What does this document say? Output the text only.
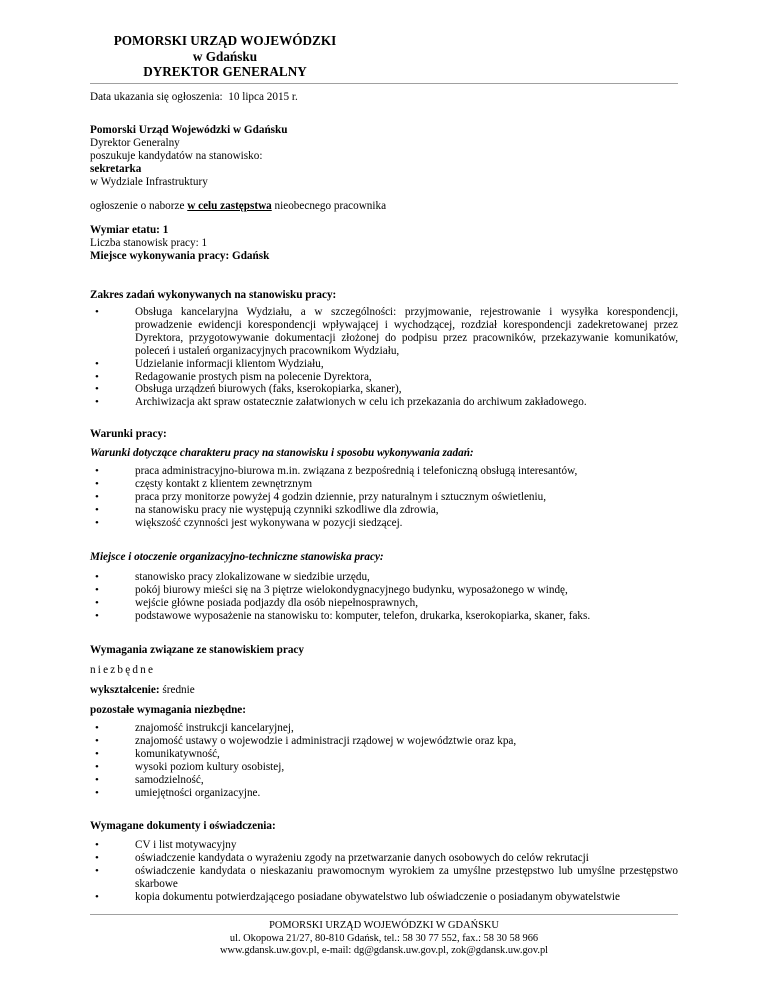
POMORSKI URZĄD WOJEWÓDZKI
w Gdańsku
DYREKTOR GENERALNY
Data ukazania się ogłoszenia: 10 lipca 2015 r.
Pomorski Urząd Wojewódzki w Gdańsku
Dyrektor Generalny
poszukuje kandydatów na stanowisko:
sekretarka
w Wydziale Infrastruktury
ogłoszenie o naborze w celu zastępstwa nieobecnego pracownika
Wymiar etatu: 1
Liczba stanowisk pracy: 1
Miejsce wykonywania pracy: Gdańsk
Zakres zadań wykonywanych na stanowisku pracy:
•	Obsługa kancelaryjna Wydziału, a w szczególności: przyjmowanie, rejestrowanie i wysyłka korespondencji, prowadzenie ewidencji korespondencji wpływającej i wychodzącej, rozdział korespondencji zadekretowanej przez Dyrektora, przygotowywanie dokumentacji złożonej do podpisu przez pracowników, przekazywanie komunikatów, poleceń i ustaleń organizacyjnych pracownikom Wydziału,
•	Udzielanie informacji klientom Wydziału,
•	Redagowanie prostych pism na polecenie Dyrektora,
•	Obsługa urządzeń biurowych (faks, kserokopiarka, skaner),
•	Archiwizacja akt spraw ostatecznie załatwionych w celu ich przekazania do archiwum zakładowego.
Warunki pracy:
Warunki dotyczące charakteru pracy na stanowisku i sposobu wykonywania zadań:
•	praca administracyjno-biurowa m.in. związana z bezpośrednią i telefoniczną obsługą interesantów,
•	częsty kontakt z klientem zewnętrznym
•	praca przy monitorze powyżej 4 godzin dziennie, przy naturalnym i sztucznym oświetleniu,
•	na stanowisku pracy nie występują czynniki szkodliwe dla zdrowia,
•	większość czynności jest wykonywana w pozycji siedzącej.
Miejsce i otoczenie organizacyjno-techniczne stanowiska pracy:
•	stanowisko pracy zlokalizowane w siedzibie urzędu,
•	pokój biurowy mieści się na 3 piętrze wielokondygnacyjnego budynku, wyposażonego w windę,
•	wejście główne posiada podjazdy dla osób niepełnosprawnych,
•	podstawowe wyposażenie na stanowisku to: komputer, telefon, drukarka, kserokopiarka, skaner, faks.
Wymagania związane ze stanowiskiem pracy
niezbędne
wykształcenie: średnie
pozostałe wymagania niezbędne:
•	znajomość instrukcji kancelaryjnej,
•	znajomość ustawy o wojewodzie i administracji rządowej w województwie oraz kpa,
•	komunikatywność,
•	wysoki poziom kultury osobistej,
•	samodzielność,
•	umiejętności organizacyjne.
Wymagane dokumenty i oświadczenia:
•	CV i list motywacyjny
•	oświadczenie kandydata o wyrażeniu zgody na przetwarzanie danych osobowych do celów rekrutacji
•	oświadczenie kandydata o nieskazaniu prawomocnym wyrokiem za umyślne przestępstwo lub umyślne przestępstwo skarbowe
•	kopia dokumentu potwierdzającego posiadane obywatelstwo lub oświadczenie o posiadanym obywatelstwie
POMORSKI URZĄD WOJEWÓDZKI W GDAŃSKU
ul. Okopowa 21/27, 80-810 Gdańsk, tel.: 58 30 77 552, fax.: 58 30 58 966
www.gdansk.uw.gov.pl, e-mail: dg@gdansk.uw.gov.pl, zok@gdansk.uw.gov.pl
